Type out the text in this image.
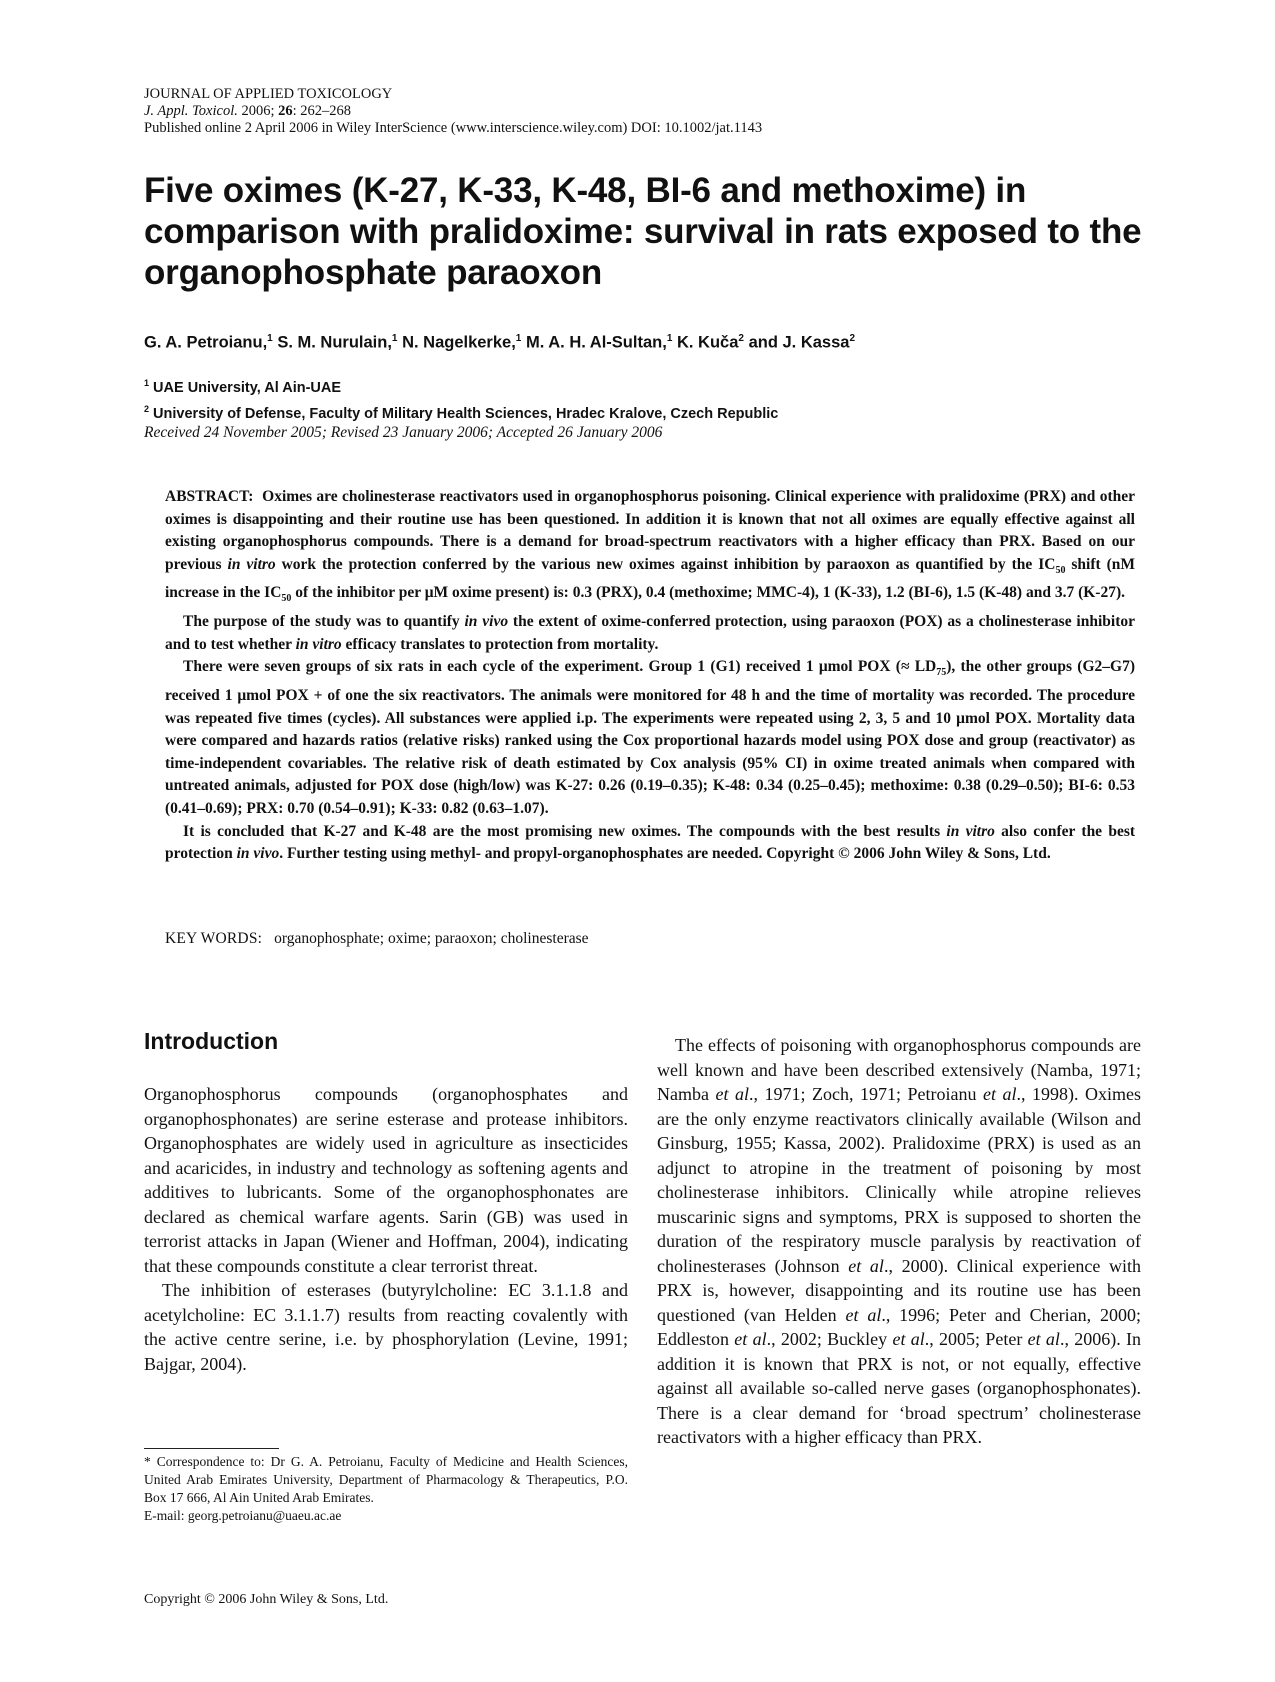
JOURNAL OF APPLIED TOXICOLOGY
J. Appl. Toxicol. 2006; 26: 262–268
Published online 2 April 2006 in Wiley InterScience (www.interscience.wiley.com) DOI: 10.1002/jat.1143
Five oximes (K-27, K-33, K-48, BI-6 and methoxime) in comparison with pralidoxime: survival in rats exposed to the organophosphate paraoxon
G. A. Petroianu,$^1$ S. M. Nurulain,$^1$ N. Nagelkerke,$^1$ M. A. H. Al-Sultan,$^1$ K. Kuča$^2$ and J. Kassa$^2$
$^1$ UAE University, Al Ain-UAE
$^2$ University of Defense, Faculty of Military Health Sciences, Hradec Kralove, Czech Republic
Received 24 November 2005; Revised 23 January 2006; Accepted 26 January 2006

ABSTRACT: Oximes are cholinesterase reactivators used in organophosphorus poisoning. Clinical experience with pralidoxime (PRX) and other oximes is disappointing and their routine use has been questioned. In addition it is known that not all oximes are equally effective against all existing organophosphorus compounds. There is a demand for broad-spectrum reactivators with a higher efficacy than PRX. Based on our previous in vitro work the protection conferred by the various new oximes against inhibition by paraoxon as quantified by the $IC_{50}$ shift (nM increase in the $IC_{50}$ of the inhibitor per μM oxime present) is: 0.3 (PRX), 0.4 (methoxime; MMC-4), 1 (K-33), 1.2 (BI-6), 1.5 (K-48) and 3.7 (K-27).

The purpose of the study was to quantify in vivo the extent of oxime-conferred protection, using paraoxon (POX) as a cholinesterase inhibitor and to test whether in vitro efficacy translates to protection from mortality.

There were seven groups of six rats in each cycle of the experiment. Group 1 (G1) received 1 μmol POX (≈ $LD_{75}$), the other groups (G2–G7) received 1 μmol POX + of one the six reactivators. The animals were monitored for 48 h and the time of mortality was recorded. The procedure was repeated five times (cycles). All substances were applied i.p. The experiments were repeated using 2, 3, 5 and 10 μmol POX. Mortality data were compared and hazards ratios (relative risks) ranked using the Cox proportional hazards model using POX dose and group (reactivator) as time-independent covariables. The relative risk of death estimated by Cox analysis (95% CI) in oxime treated animals when compared with untreated animals, adjusted for POX dose (high/low) was K-27: 0.26 (0.19–0.35); K-48: 0.34 (0.25–0.45); methoxime: 0.38 (0.29–0.50); BI-6: 0.53 (0.41–0.69); PRX: 0.70 (0.54–0.91); K-33: 0.82 (0.63–1.07).

It is concluded that K-27 and K-48 are the most promising new oximes. The compounds with the best results in vitro also confer the best protection in vivo. Further testing using methyl- and propyl-organophosphates are needed. Copyright © 2006 John Wiley & Sons, Ltd.

KEY WORDS: organophosphate; oxime; paraoxon; cholinesterase
Introduction

Organophosphorus compounds (organophosphates and organophosphonates) are serine esterase and protease inhibitors. Organophosphates are widely used in agriculture as insecticides and acaricides, in industry and technology as softening agents and additives to lubricants. Some of the organophosphonates are declared as chemical warfare agents. Sarin (GB) was used in terrorist attacks in Japan (Wiener and Hoffman, 2004), indicating that these compounds constitute a clear terrorist threat.

The inhibition of esterases (butyrylcholine: EC 3.1.1.8 and acetylcholine: EC 3.1.1.7) results from reacting covalently with the active centre serine, i.e. by phosphorylation (Levine, 1991; Bajgar, 2004).

The effects of poisoning with organophosphorus compounds are well known and have been described extensively (Namba, 1971; Namba et al., 1971; Zoch, 1971; Petroianu et al., 1998). Oximes are the only enzyme reactivators clinically available (Wilson and Ginsburg, 1955; Kassa, 2002). Pralidoxime (PRX) is used as an adjunct to atropine in the treatment of poisoning by most cholinesterase inhibitors. Clinically while atropine relieves muscarinic signs and symptoms, PRX is supposed to shorten the duration of the respiratory muscle paralysis by reactivation of cholinesterases (Johnson et al., 2000). Clinical experience with PRX is, however, disappointing and its routine use has been questioned (van Helden et al., 1996; Peter and Cherian, 2000; Eddleston et al., 2002; Buckley et al., 2005; Peter et al., 2006). In addition it is known that PRX is not, or not equally, effective against all available so-called nerve gases (organophosphonates). There is a clear demand for ‘broad spectrum’ cholinesterase reactivators with a higher efficacy than PRX.

* Correspondence to: Dr G. A. Petroianu, Faculty of Medicine and Health Sciences, United Arab Emirates University, Department of Pharmacology & Therapeutics, P.O. Box 17 666, Al Ain United Arab Emirates.
E-mail: georg.petroianu@uaeu.ac.ae
Copyright © 2006 John Wiley & Sons, Ltd.
